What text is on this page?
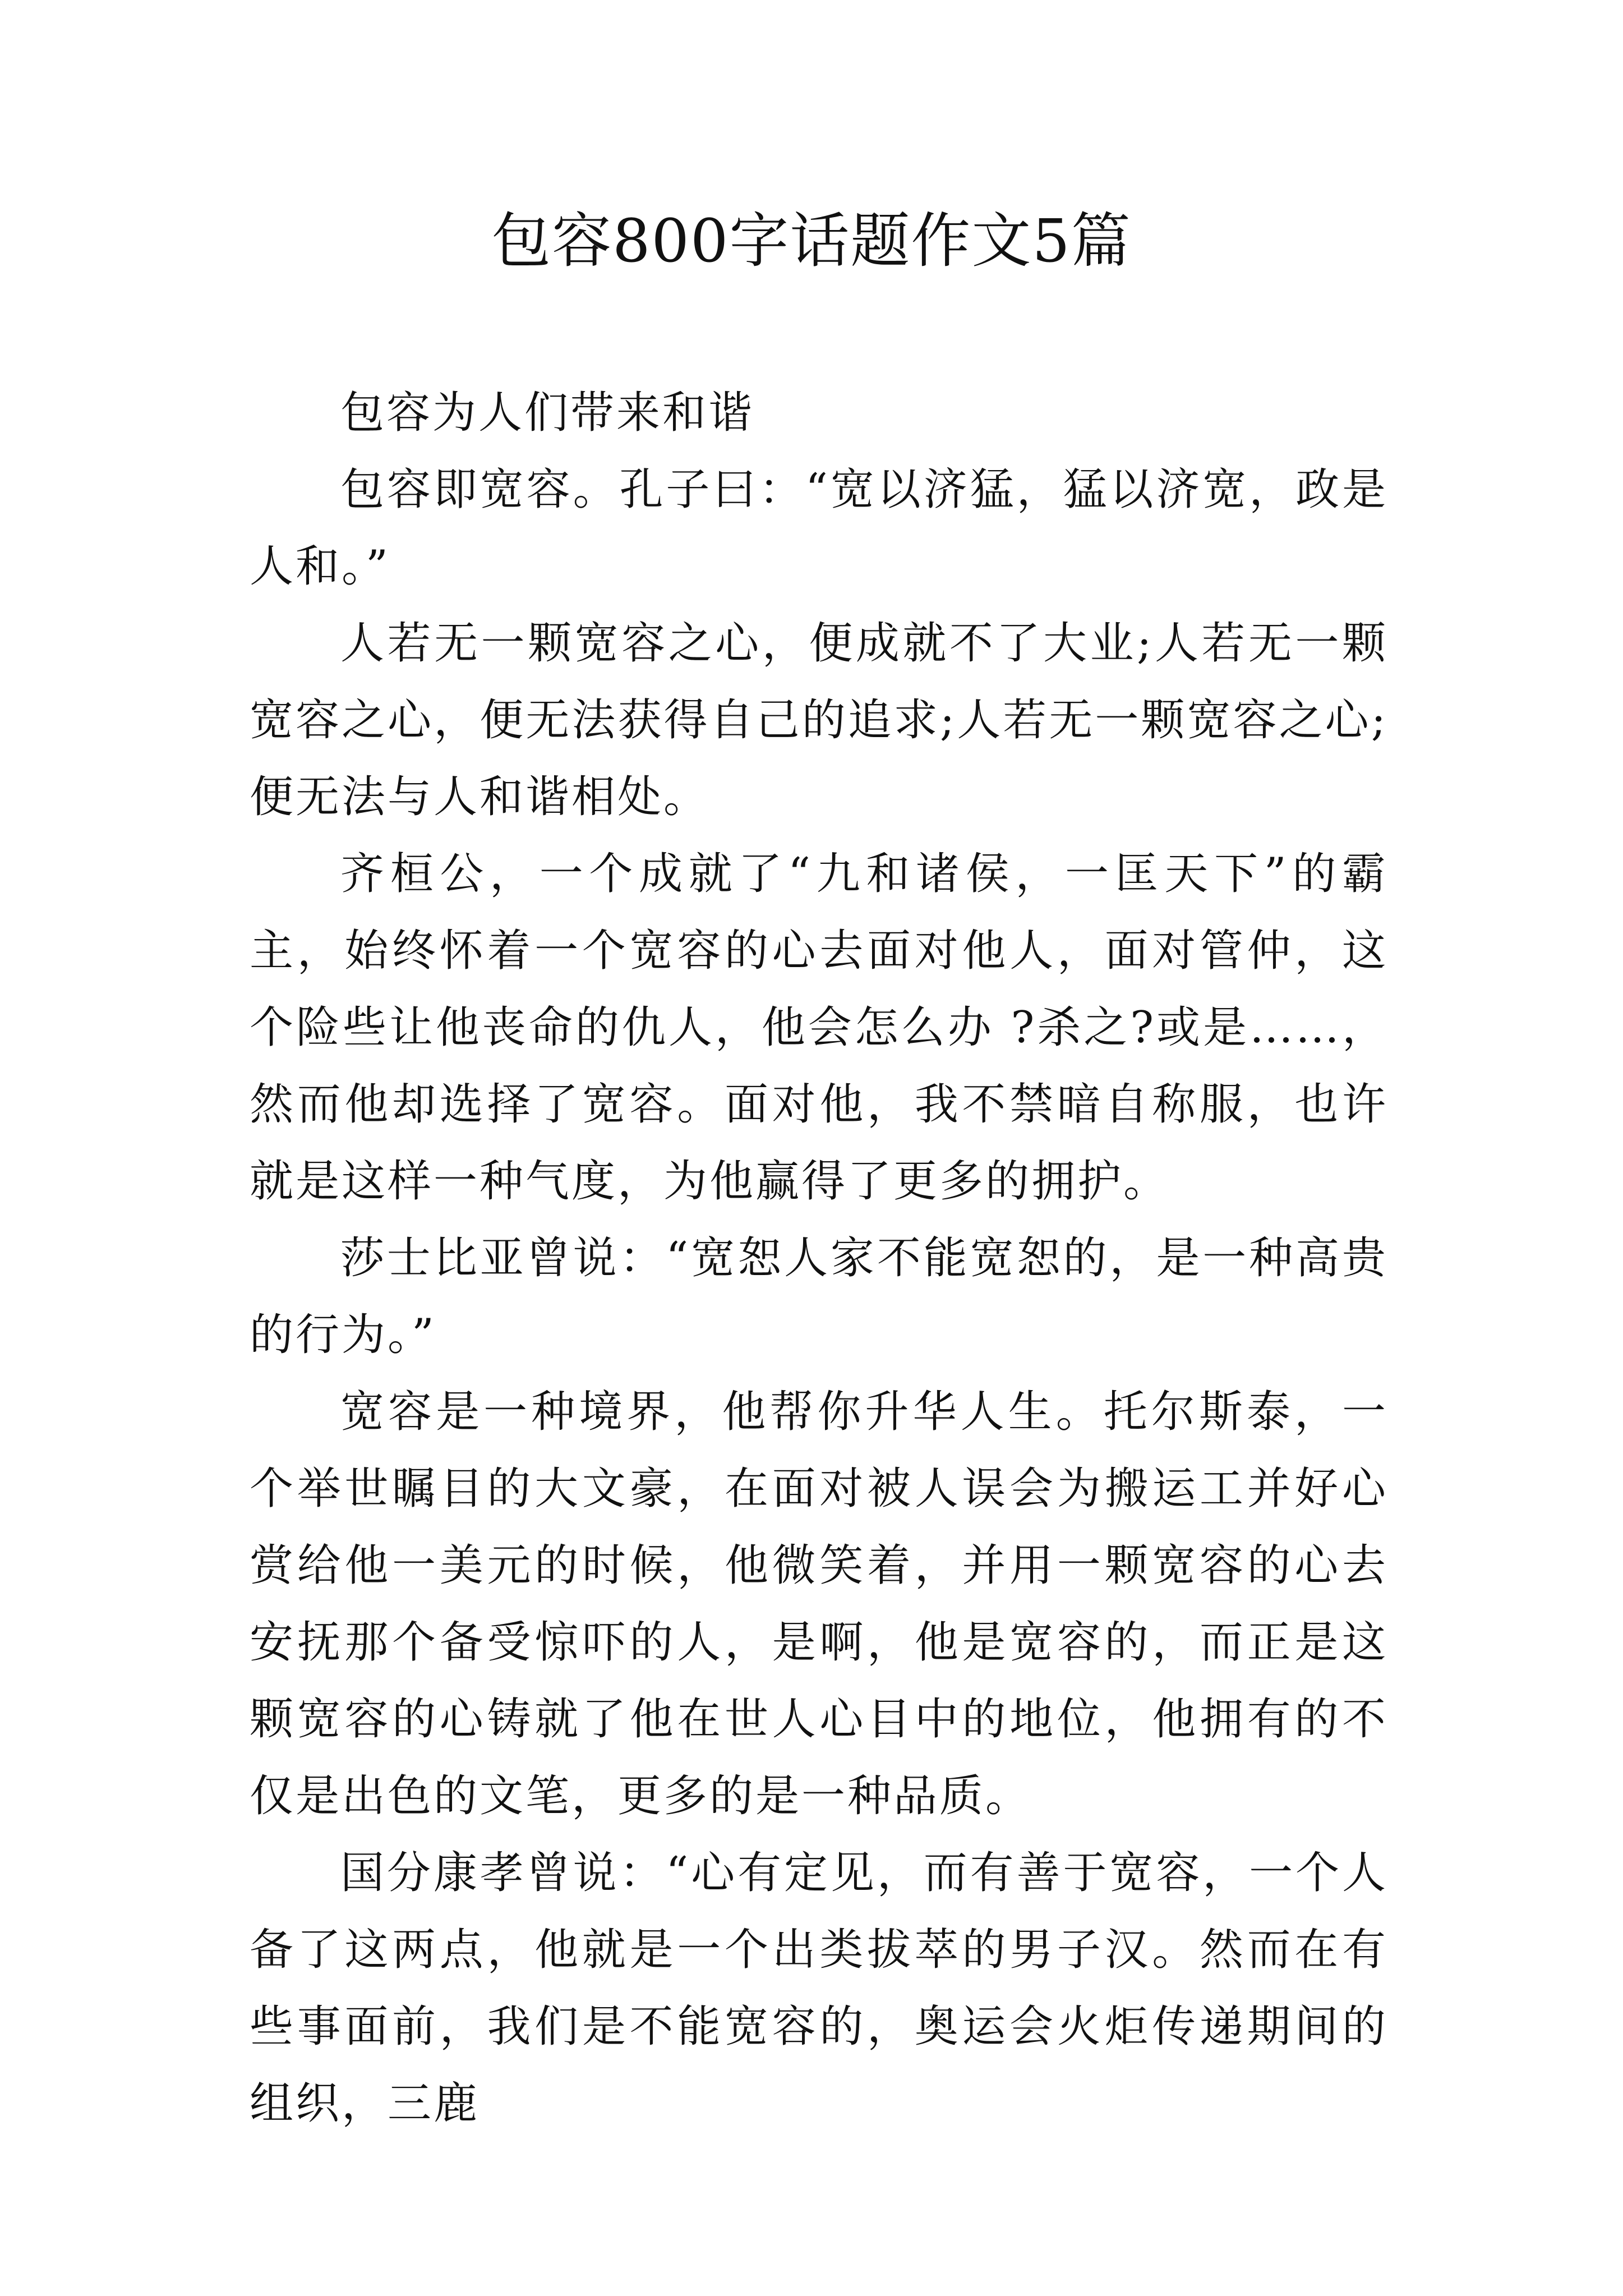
包容800字话题作文5篇

包容为人们带来和谐

包容即宽容。孔子曰：“宽以济猛，猛以济宽，政是人和。”

人若无一颗宽容之心，便成就不了大业;人若无一颗宽容之心，便无法获得自己的追求;人若无一颗宽容之心;便无法与人和谐相处。

齐桓公，一个成就了“九和诸侯，一匡天下”的霸主，始终怀着一个宽容的心去面对他人，面对管仲，这个险些让他丧命的仇人，他会怎么办 ?杀之?或是……，然而他却选择了宽容。面对他，我不禁暗自称服，也许就是这样一种气度，为他赢得了更多的拥护。

莎士比亚曾说：“宽恕人家不能宽恕的，是一种高贵的行为。”

宽容是一种境界，他帮你升华人生。托尔斯泰，一个举世瞩目的大文豪，在面对被人误会为搬运工并好心赏给他一美元的时候，他微笑着，并用一颗宽容的心去安抚那个备受惊吓的人，是啊，他是宽容的，而正是这颗宽容的心铸就了他在世人心目中的地位，他拥有的不仅是出色的文笔，更多的是一种品质。

国分康孝曾说：“心有定见，而有善于宽容，一个人备了这两点，他就是一个出类拔萃的男子汉。然而在有些事面前，我们是不能宽容的，奥运会火炬传递期间的组织，三鹿
